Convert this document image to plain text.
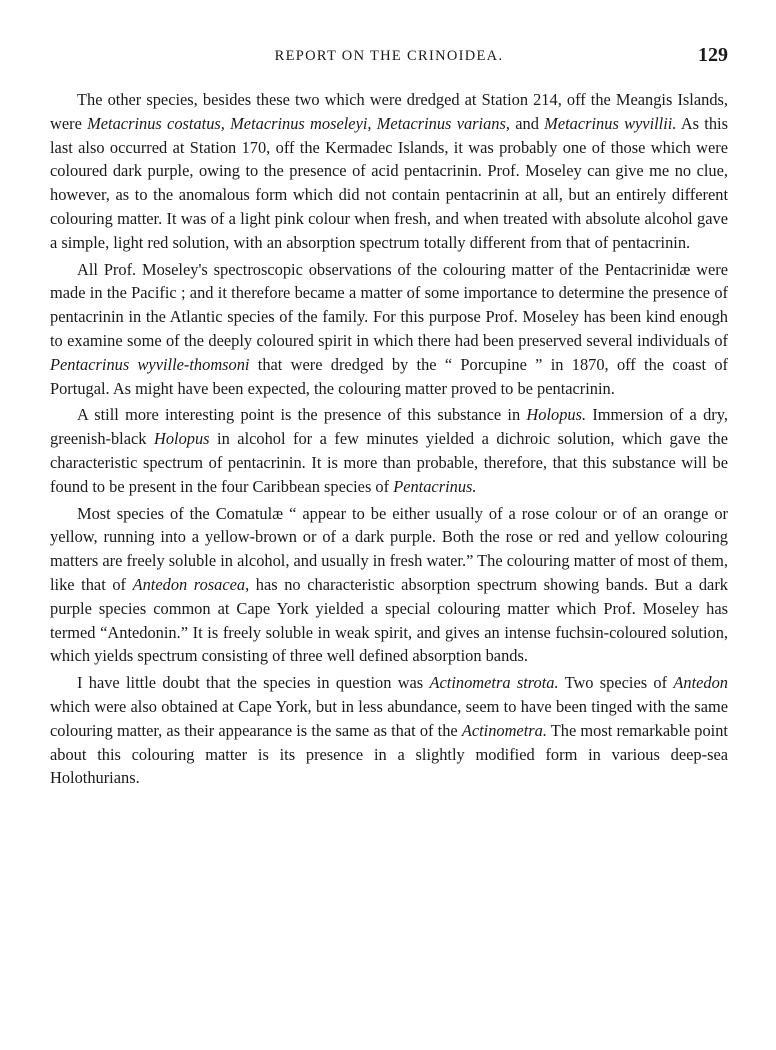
REPORT ON THE CRINOIDEA.	129

The other species, besides these two which were dredged at Station 214, off the Meangis Islands, were Metacrinus costatus, Metacrinus moseleyi, Metacrinus varians, and Metacrinus wyvillii. As this last also occurred at Station 170, off the Kermadec Islands, it was probably one of those which were coloured dark purple, owing to the presence of acid pentacrinin. Prof. Moseley can give me no clue, however, as to the anomalous form which did not contain pentacrinin at all, but an entirely different colouring matter. It was of a light pink colour when fresh, and when treated with absolute alcohol gave a simple, light red solution, with an absorption spectrum totally different from that of pentacrinin.

All Prof. Moseley's spectroscopic observations of the colouring matter of the Pentacrinidæ were made in the Pacific ; and it therefore became a matter of some importance to determine the presence of pentacrinin in the Atlantic species of the family. For this purpose Prof. Moseley has been kind enough to examine some of the deeply coloured spirit in which there had been preserved several individuals of Pentacrinus wyville-thomsoni that were dredged by the “ Porcupine ” in 1870, off the coast of Portugal. As might have been expected, the colouring matter proved to be pentacrinin.

A still more interesting point is the presence of this substance in Holopus. Immersion of a dry, greenish-black Holopus in alcohol for a few minutes yielded a dichroic solution, which gave the characteristic spectrum of pentacrinin. It is more than probable, therefore, that this substance will be found to be present in the four Caribbean species of Pentacrinus.

Most species of the Comatulæ “ appear to be either usually of a rose colour or of an orange or yellow, running into a yellow-brown or of a dark purple. Both the rose or red and yellow colouring matters are freely soluble in alcohol, and usually in fresh water.” The colouring matter of most of them, like that of Antedon rosacea, has no characteristic absorption spectrum showing bands. But a dark purple species common at Cape York yielded a special colouring matter which Prof. Moseley has termed “Antedonin.” It is freely soluble in weak spirit, and gives an intense fuchsin-coloured solution, which yields spectrum consisting of three well defined absorption bands.

I have little doubt that the species in question was Actinometra strota. Two species of Antedon which were also obtained at Cape York, but in less abundance, seem to have been tinged with the same colouring matter, as their appearance is the same as that of the Actinometra. The most remarkable point about this colouring matter is its presence in a slightly modified form in various deep-sea Holothurians.
